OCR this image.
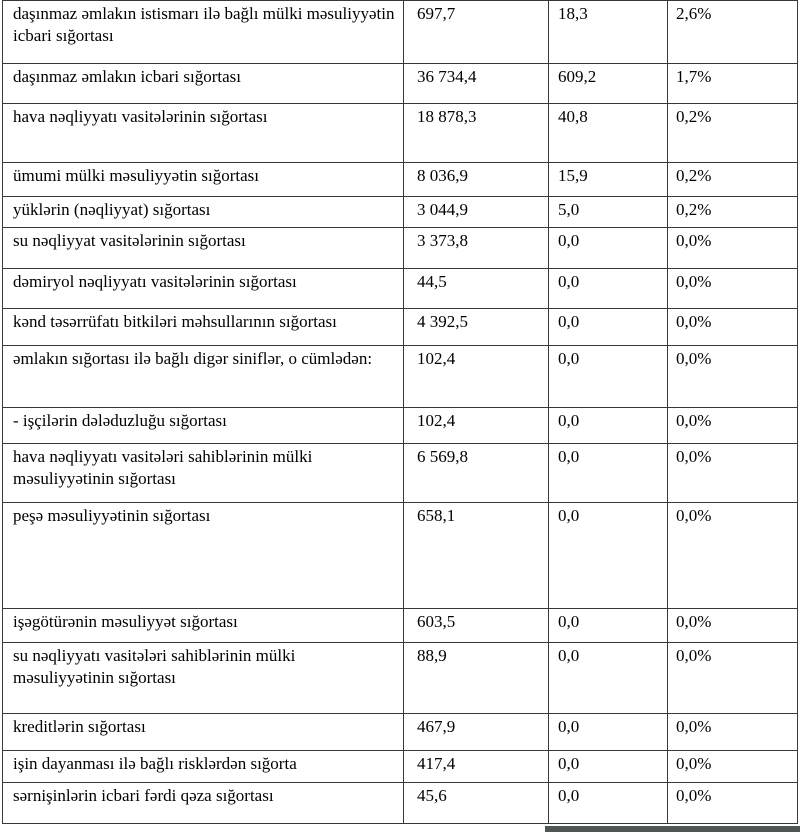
daşınmaz əmlakın istismarı ilə bağlı mülki məsuliyyətin icbari sığortası	697,7	18,3	2,6%
daşınmaz əmlakın icbari sığortası	36 734,4	609,2	1,7%
hava nəqliyyatı vasitələrinin sığortası	18 878,3	40,8	0,2%
ümumi mülki məsuliyyətin sığortası	8 036,9	15,9	0,2%
yüklərin (nəqliyyat) sığortası	3 044,9	5,0	0,2%
su nəqliyyat vasitələrinin sığortası	3 373,8	0,0	0,0%
dəmiryol nəqliyyatı vasitələrinin sığortası	44,5	0,0	0,0%
kənd təsərrüfatı bitkiləri məhsullarının sığortası	4 392,5	0,0	0,0%
əmlakın sığortası ilə bağlı digər siniflər, o cümlədən:	102,4	0,0	0,0%
- işçilərin dələduzluğu sığortası	102,4	0,0	0,0%
hava nəqliyyatı vasitələri sahiblərinin mülki məsuliyyətinin sığortası	6 569,8	0,0	0,0%
peşə məsuliyyətinin sığortası	658,1	0,0	0,0%
işəgötürənin məsuliyyət sığortası	603,5	0,0	0,0%
su nəqliyyatı vasitələri sahiblərinin mülki məsuliyyətinin sığortası	88,9	0,0	0,0%
kreditlərin sığortası	467,9	0,0	0,0%
işin dayanması ilə bağlı risklərdən sığorta	417,4	0,0	0,0%
sərnişinlərin icbari fərdi qəza sığortası	45,6	0,0	0,0%
